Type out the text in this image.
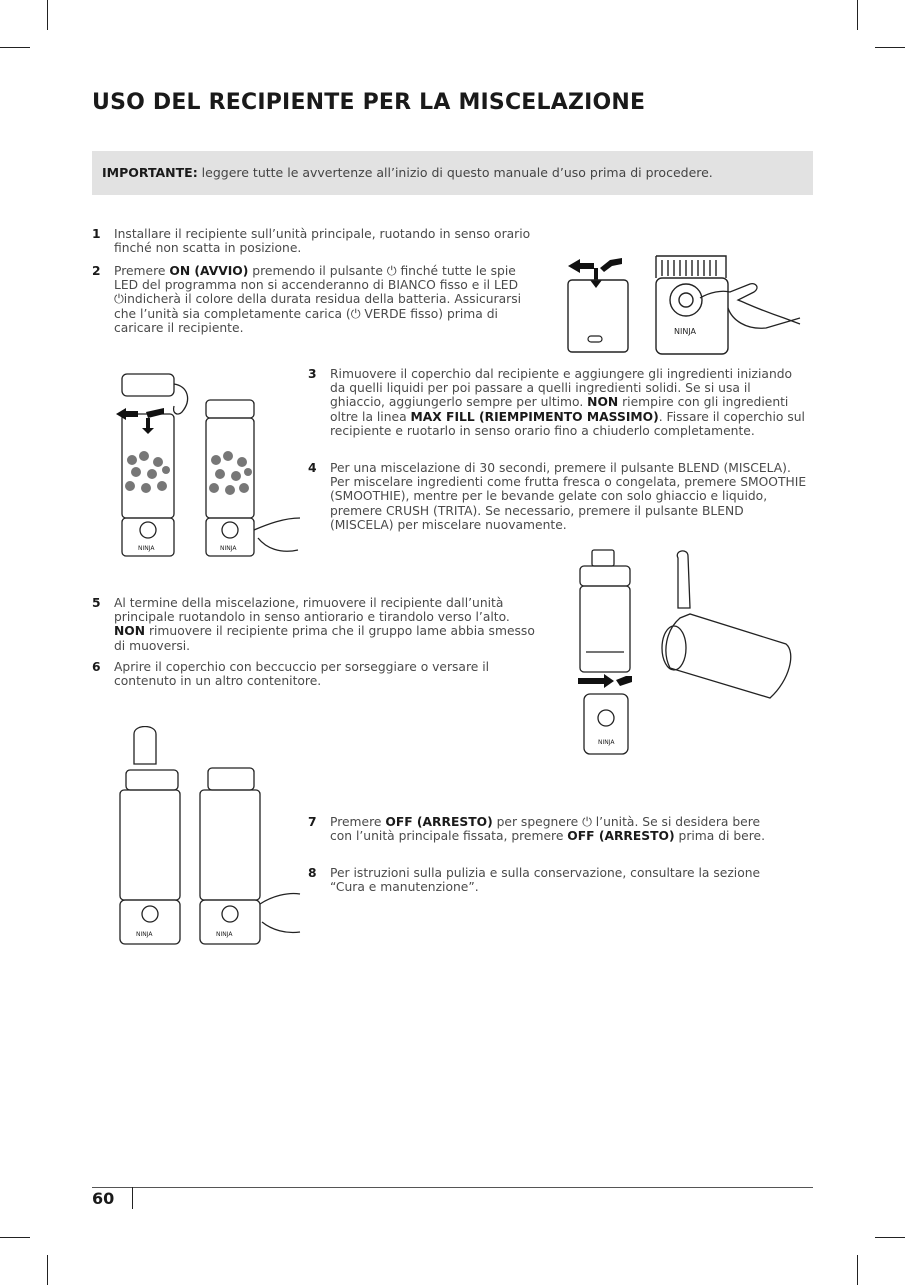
USO DEL RECIPIENTE PER LA MISCELAZIONE
IMPORTANTE: leggere tutte le avvertenze all’inizio di questo manuale d’uso prima di procedere.
1 Installare il recipiente sull’unità principale, ruotando in senso orario finché non scatta in posizione.
2 Premere ON (AVVIO) premendo il pulsante ⏻ finché tutte le spie LED del programma non si accenderanno di BIANCO fisso e il LED ⏻indicherà il colore della durata residua della batteria. Assicurarsi che l’unità sia completamente carica (⏻ VERDE fisso) prima di caricare il recipiente.
3 Rimuovere il coperchio dal recipiente e aggiungere gli ingredienti iniziando da quelli liquidi per poi passare a quelli ingredienti solidi. Se si usa il ghiaccio, aggiungerlo sempre per ultimo. NON riempire con gli ingredienti oltre la linea MAX FILL (RIEMPIMENTO MASSIMO). Fissare il coperchio sul recipiente e ruotarlo in senso orario fino a chiuderlo completamente.
4 Per una miscelazione di 30 secondi, premere il pulsante BLEND (MISCELA). Per miscelare ingredienti come frutta fresca o congelata, premere SMOOTHIE (SMOOTHIE), mentre per le bevande gelate con solo ghiaccio e liquido, premere CRUSH (TRITA). Se necessario, premere il pulsante BLEND (MISCELA) per miscelare nuovamente.
5 Al termine della miscelazione, rimuovere il recipiente dall’unità principale ruotandolo in senso antiorario e tirandolo verso l’alto. NON rimuovere il recipiente prima che il gruppo lame abbia smesso di muoversi.
6 Aprire il coperchio con beccuccio per sorseggiare o versare il contenuto in un altro contenitore.
7 Premere OFF (ARRESTO) per spegnere ⏻ l’unità. Se si desidera bere con l’unità principale fissata, premere OFF (ARRESTO) prima di bere.
8 Per istruzioni sulla pulizia e sulla conservazione, consultare la sezione “Cura e manutenzione”.
NINJA
NINJA	NINJA
NINJA
NINJA	NINJA
60
